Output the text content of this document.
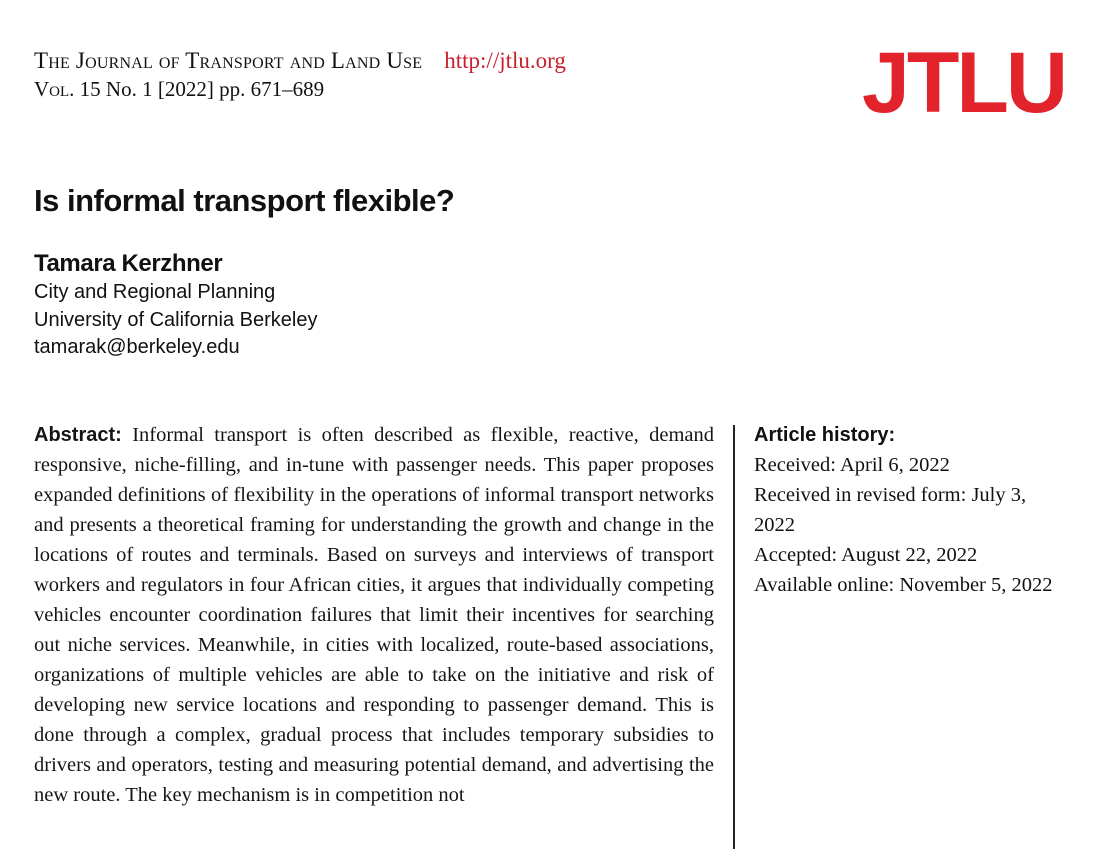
The Journal of Transport and Land Use http://jtlu.org
Vol. 15 No. 1 [2022] pp. 671–689	JTLU
Is informal transport flexible?
Tamara Kerzhner
City and Regional Planning
University of California Berkeley
tamarak@berkeley.edu

Abstract: Informal transport is often described as flexible, reactive, demand responsive, niche-filling, and in-tune with passenger needs. This paper proposes expanded definitions of flexibility in the operations of informal transport networks and presents a theoretical framing for understanding the growth and change in the locations of routes and terminals. Based on surveys and interviews of transport workers and regulators in four African cities, it argues that individually competing vehicles encounter coordination failures that limit their incentives for searching out niche services. Meanwhile, in cities with localized, route-based associations, organizations of multiple vehicles are able to take on the initiative and risk of developing new service locations and responding to passenger demand. This is done through a complex, gradual process that includes temporary subsidies to drivers and operators, testing and measuring potential demand, and advertising the new route. The key mechanism is in competition not

Article history:
Received: April 6, 2022
Received in revised form: July 3, 2022
Accepted: August 22, 2022
Available online: November 5, 2022
